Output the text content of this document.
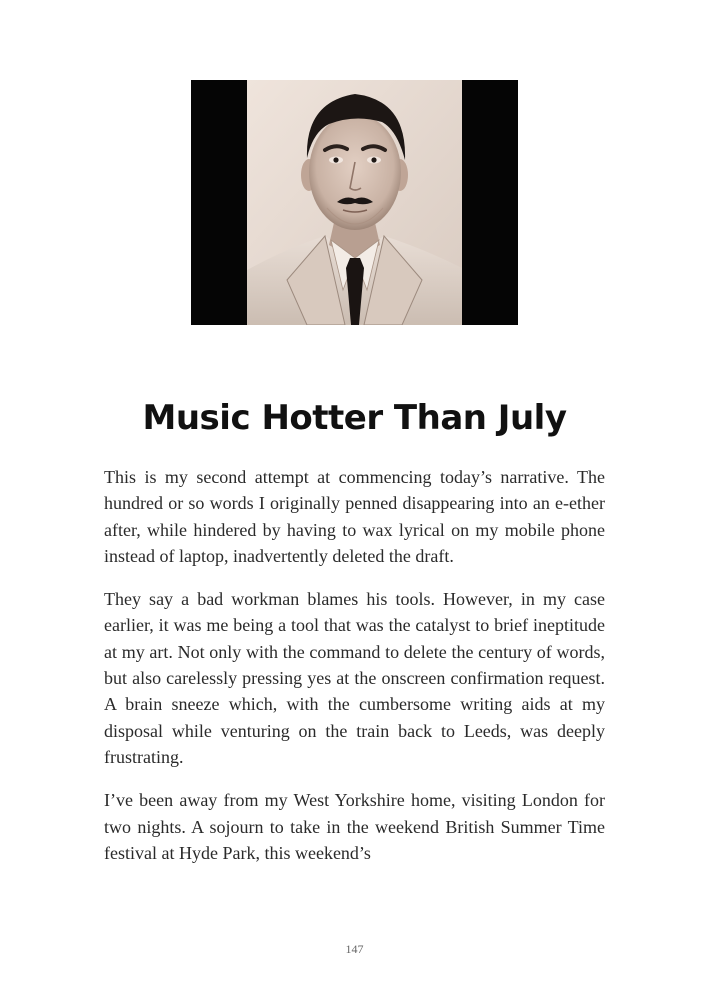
Music Hotter Than July

This is my second attempt at commencing today’s narrative. The hundred or so words I originally penned disappearing into an e-ether after, while hindered by having to wax lyrical on my mobile phone instead of laptop, inadvertently deleted the draft.

They say a bad workman blames his tools. However, in my case earlier, it was me being a tool that was the catalyst to brief ineptitude at my art. Not only with the command to delete the century of words, but also carelessly pressing yes at the onscreen confirmation request. A brain sneeze which, with the cumbersome writing aids at my disposal while venturing on the train back to Leeds, was deeply frustrating.

I’ve been away from my West Yorkshire home, visiting London for two nights. A sojourn to take in the weekend British Summer Time festival at Hyde Park, this weekend’s

147
